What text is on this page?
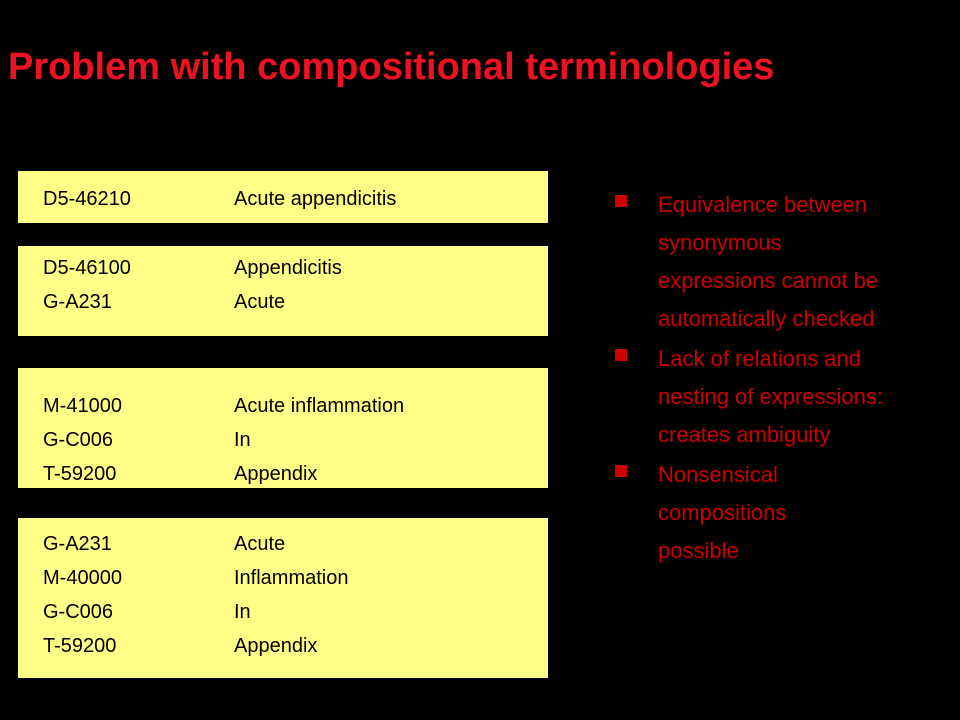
Problem with compositional terminologies
D5-46210	Acute appendicitis
D5-46100	Appendicitis
G-A231	Acute
M-41000	Acute inflammation
G-C006	In
T-59200	Appendix
G-A231	Acute
M-40000	Inflammation
G-C006	In
T-59200	Appendix
Equivalence between
synonymous
expressions cannot be
automatically checked
Lack of relations and
nesting of expressions:
creates ambiguity
Nonsensical
compositions
possible
